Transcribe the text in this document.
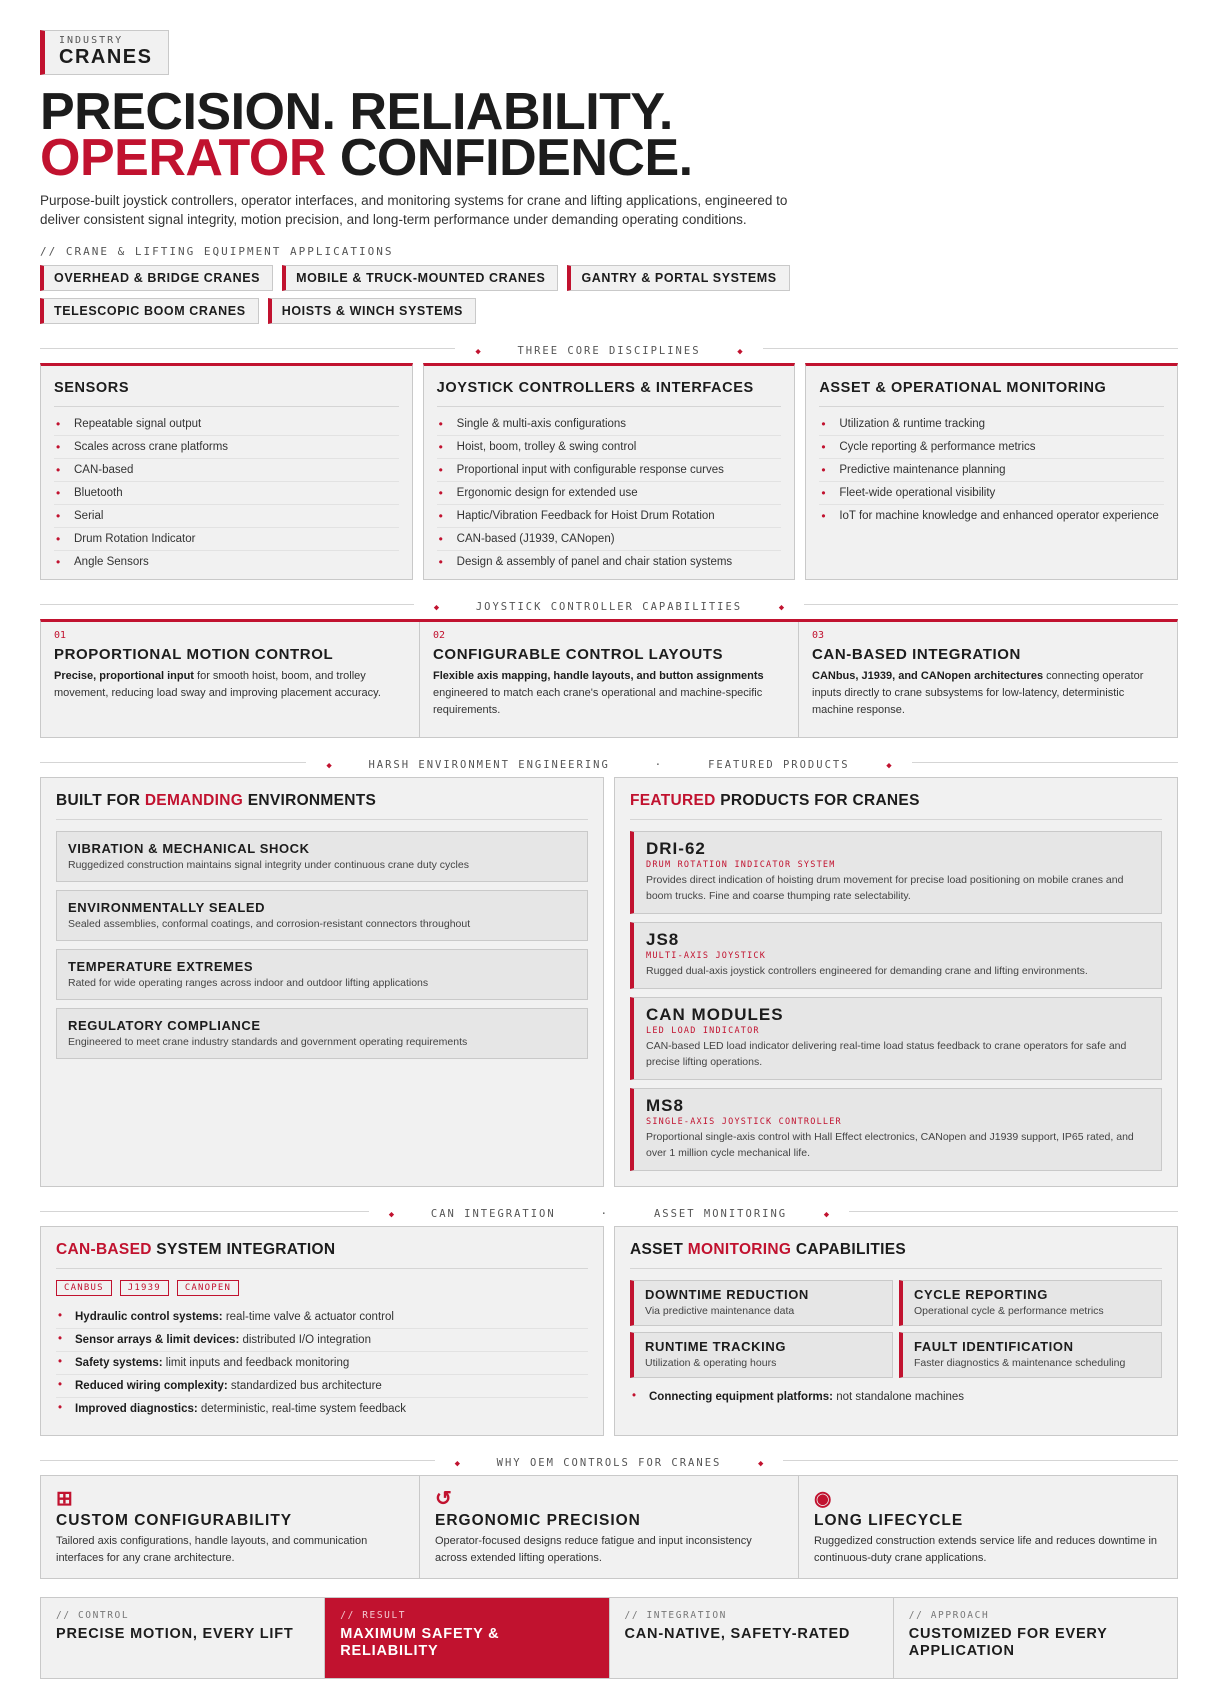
INDUSTRY
CRANES
PRECISION. RELIABILITY.
OPERATOR CONFIDENCE.

Purpose-built joystick controllers, operator interfaces, and monitoring systems for crane and lifting applications, engineered to deliver consistent signal integrity, motion precision, and long-term performance under demanding operating conditions.

// CRANE & LIFTING EQUIPMENT APPLICATIONS
OVERHEAD & BRIDGE CRANES	MOBILE & TRUCK-MOUNTED CRANES	GANTRY & PORTAL SYSTEMS
TELESCOPIC BOOM CRANES	HOISTS & WINCH SYSTEMS
◆	THREE CORE DISCIPLINES	◆
SENSORS
• Repeatable signal output
• Scales across crane platforms
• CAN-based
• Bluetooth
• Serial
• Drum Rotation Indicator
• Angle Sensors
JOYSTICK CONTROLLERS & INTERFACES
• Single & multi-axis configurations
• Hoist, boom, trolley & swing control
• Proportional input with configurable response curves
• Ergonomic design for extended use
• Haptic/Vibration Feedback for Hoist Drum Rotation
• CAN-based (J1939, CANopen)
• Design & assembly of panel and chair station systems
ASSET & OPERATIONAL MONITORING
• Utilization & runtime tracking
• Cycle reporting & performance metrics
• Predictive maintenance planning
• Fleet-wide operational visibility
• IoT for machine knowledge and enhanced operator experience
◆	JOYSTICK CONTROLLER CAPABILITIES	◆
01
PROPORTIONAL MOTION CONTROL

Precise, proportional input for smooth hoist, boom, and trolley movement, reducing load sway and improving placement accuracy.

02
CONFIGURABLE CONTROL LAYOUTS

Flexible axis mapping, handle layouts, and button assignments engineered to match each crane's operational and machine-specific requirements.

03
CAN-BASED INTEGRATION

CANbus, J1939, and CANopen architectures connecting operator inputs directly to crane subsystems for low-latency, deterministic machine response.

◆	HARSH ENVIRONMENT ENGINEERING	·	FEATURED PRODUCTS	◆
BUILT FOR DEMANDING ENVIRONMENTS
VIBRATION & MECHANICAL SHOCK

Ruggedized construction maintains signal integrity under continuous crane duty cycles

ENVIRONMENTALLY SEALED

Sealed assemblies, conformal coatings, and corrosion-resistant connectors throughout

TEMPERATURE EXTREMES

Rated for wide operating ranges across indoor and outdoor lifting applications

REGULATORY COMPLIANCE

Engineered to meet crane industry standards and government operating requirements

FEATURED PRODUCTS FOR CRANES
DRI-62
DRUM ROTATION INDICATOR SYSTEM

Provides direct indication of hoisting drum movement for precise load positioning on mobile cranes and boom trucks. Fine and coarse thumping rate selectability.

JS8
MULTI-AXIS JOYSTICK

Rugged dual-axis joystick controllers engineered for demanding crane and lifting environments.

CAN MODULES
LED LOAD INDICATOR

CAN-based LED load indicator delivering real-time load status feedback to crane operators for safe and precise lifting operations.

MS8
SINGLE-AXIS JOYSTICK CONTROLLER

Proportional single-axis control with Hall Effect electronics, CANopen and J1939 support, IP65 rated, and over 1 million cycle mechanical life.

◆	CAN INTEGRATION	·	ASSET MONITORING	◆
CAN-BASED SYSTEM INTEGRATION
CANBUS	J1939	CANOPEN
• Hydraulic control systems: real-time valve & actuator control
• Sensor arrays & limit devices: distributed I/O integration
• Safety systems: limit inputs and feedback monitoring
• Reduced wiring complexity: standardized bus architecture
• Improved diagnostics: deterministic, real-time system feedback
ASSET MONITORING CAPABILITIES
DOWNTIME REDUCTION

Via predictive maintenance data

CYCLE REPORTING

Operational cycle & performance metrics

RUNTIME TRACKING

Utilization & operating hours

FAULT IDENTIFICATION

Faster diagnostics & maintenance scheduling

• Connecting equipment platforms: not standalone machines
◆	WHY OEM CONTROLS FOR CRANES	◆
⊞
CUSTOM CONFIGURABILITY

Tailored axis configurations, handle layouts, and communication interfaces for any crane architecture.

↺
ERGONOMIC PRECISION

Operator-focused designs reduce fatigue and input inconsistency across extended lifting operations.

◉
LONG LIFECYCLE

Ruggedized construction extends service life and reduces downtime in continuous-duty crane applications.

// CONTROL
PRECISE MOTION, EVERY LIFT
// RESULT
MAXIMUM SAFETY & RELIABILITY
// INTEGRATION
CAN-NATIVE, SAFETY-RATED
// APPROACH
CUSTOMIZED FOR EVERY APPLICATION
